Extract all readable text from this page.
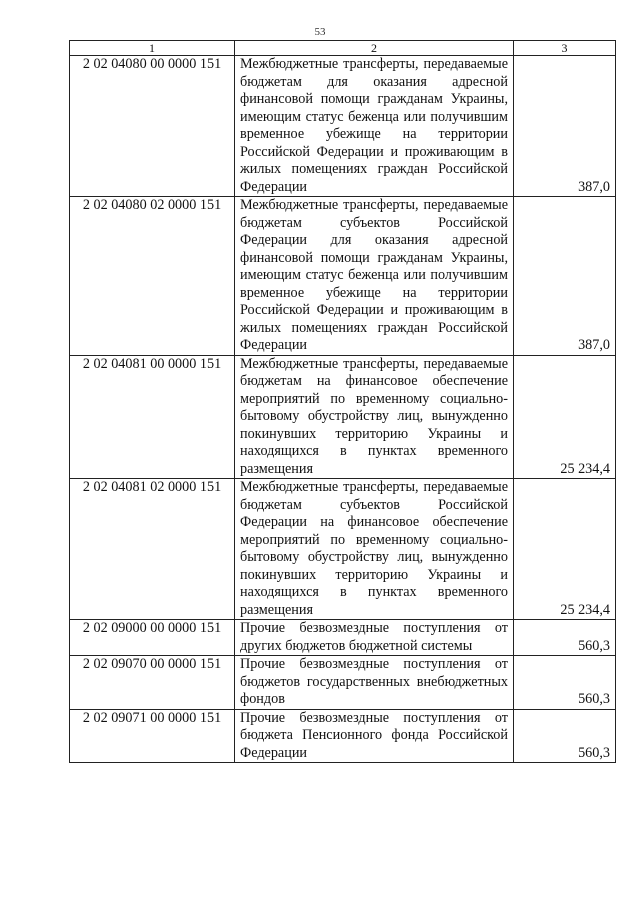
53
1	2	3
2 02 04080 00 0000 151	Межбюджетные трансферты, передаваемые бюджетам для оказания адресной финансовой помощи гражданам Украины, имеющим статус беженца или получившим временное убежище на территории Российской Федерации и проживающим в жилых помещениях граждан Российской Федерации	387,0
2 02 04080 02 0000 151	Межбюджетные трансферты, передаваемые бюджетам субъектов Российской Федерации для оказания адресной финансовой помощи гражданам Украины, имеющим статус беженца или получившим временное убежище на территории Российской Федерации и проживающим в жилых помещениях граждан Российской Федерации	387,0
2 02 04081 00 0000 151	Межбюджетные трансферты, передаваемые бюджетам на финансовое обеспечение мероприятий по временному социально-бытовому обустройству лиц, вынужденно покинувших территорию Украины и находящихся в пунктах временного размещения	25 234,4
2 02 04081 02 0000 151	Межбюджетные трансферты, передаваемые бюджетам субъектов Российской Федерации на финансовое обеспечение мероприятий по временному социально-бытовому обустройству лиц, вынужденно покинувших территорию Украины и находящихся в пунктах временного размещения	25 234,4
2 02 09000 00 0000 151	Прочие безвозмездные поступления от других бюджетов бюджетной системы	560,3
2 02 09070 00 0000 151	Прочие безвозмездные поступления от бюджетов государственных внебюджетных фондов	560,3
2 02 09071 00 0000 151	Прочие безвозмездные поступления от бюджета Пенсионного фонда Российской Федерации	560,3
